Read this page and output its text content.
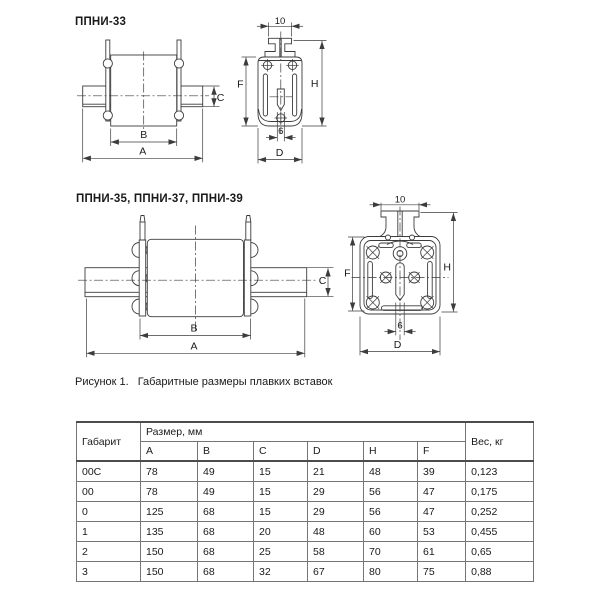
ППНИ-33
ППНИ-35, ППНИ-37, ППНИ-39
C
B
A
10
F	H
6
D
C
B
A
10
F	H
6
D
Рисунок 1. Габаритные размеры плавких вставок
Габарит	Размер, мм						Вес, кг
	A	B	C	D	H	F	
00C	78	49	15	21	48	39	0,123
00	78	49	15	29	56	47	0,175
0	125	68	15	29	56	47	0,252
1	135	68	20	48	60	53	0,455
2	150	68	25	58	70	61	0,65
3	150	68	32	67	80	75	0,88
